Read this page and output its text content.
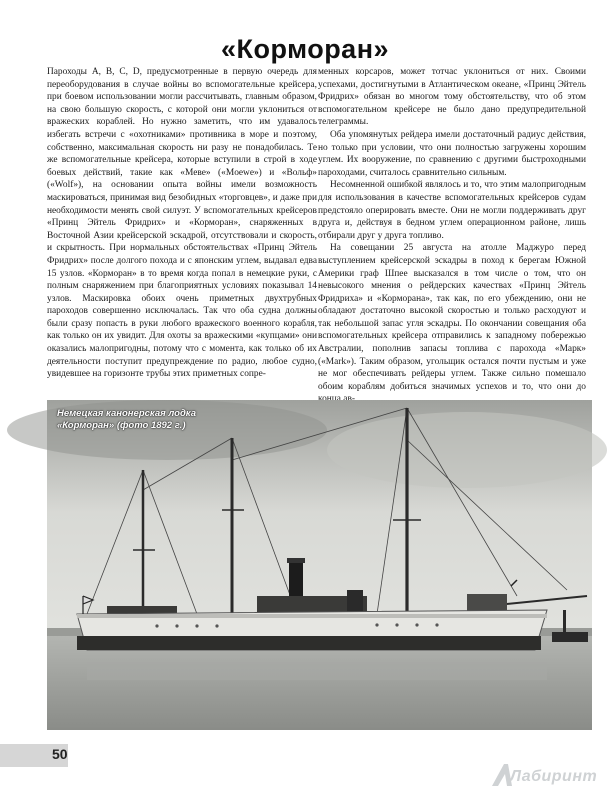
«Корморан»

Пароходы A, B, C, D, предусмотренные в первую очередь для переоборудования в случае войны во вспомогательные крейсера, при боевом использовании могли рассчитывать, главным образом, на свою большую скорость, с которой они могли уклониться от вражеских кораблей. Но нужно заметить, что им удавалось избегать встречи с «охотниками» противника в море и поэтому, собственно, максимальная скорость ни разу не понадобилась. Те же вспомогательные крейсера, которые вступили в строй в ходе боевых действий, такие как «Меве» («Moewe») и «Вольф» («Wolf»), на основании опыта войны имели возможность маскироваться, принимая вид безобидных «торговцев», и даже при необходимости менять свой силуэт. У вспомогательных крейсеров «Принц Эйтель Фридрих» и «Корморан», снаряженных в Восточной Азии крейсерской эскадрой, отсутствовали и скорость, и скрытность. При нормальных обстоятельствах «Принц Эйтель Фридрих» после долгого похода и с японским углем, выдавал едва 15 узлов. «Корморан» в то время когда попал в немецкие руки, с полным снаряжением при благоприятных условиях показывал 14 узлов. Маскировка обоих очень приметных двухтрубных пароходов совершенно исключалась. Так что оба судна должны были сразу попасть в руки любого вражеского военного корабля, как только он их увидит. Для охоты за вражескими «купцами» они оказались малопригодны, потому что с момента, как только об их деятельности поступит предупреждение по радио, любое судно, увидевшее на горизонте трубы этих приметных сопре-

менных корсаров, может тотчас уклониться от них. Своими успехами, достигнутыми в Атлантическом океане, «Принц Эйтель Фридрих» обязан во многом тому обстоятельству, что об этом вспомогательном крейсере не было дано предупредительной телеграммы.

Оба упомянутых рейдера имели достаточный радиус действия, но только при условии, что они полностью загружены хорошим углем. Их вооружение, по сравнению с другими быстроходными пароходами, считалось сравнительно сильным.

Несомненной ошибкой являлось и то, что этим малопригодным для использования в качестве вспомогательных крейсеров судам предстояло оперировать вместе. Они не могли поддерживать друг друга и, действуя в бедном углем операционном районе, лишь отбирали друг у друга топливо.

На совещании 25 августа на атолле Маджуро перед выступлением крейсерской эскадры в поход к берегам Южной Америки граф Шпее высказался в том числе о том, что он невысокого мнения о рейдерских качествах «Принц Эйтель Фридриха» и «Корморана», так как, по его убеждению, они не обладают достаточно высокой скоростью и только расходуют и так небольшой запас угля эскадры. По окончании совещания оба вспомогательных крейсера отправились к западному побережью Австралии, пополнив запасы топлива с парохода «Марк» («Mark»). Таким образом, угольщик остался почти пустым и уже не мог обеспечивать рейдеры углем. Также сильно помешало обоим кораблям добиться значимых успехов и то, что они до

Немецкая канонерская лодка «Корморан» (фото 1892 г.)
50
Лабиринт
